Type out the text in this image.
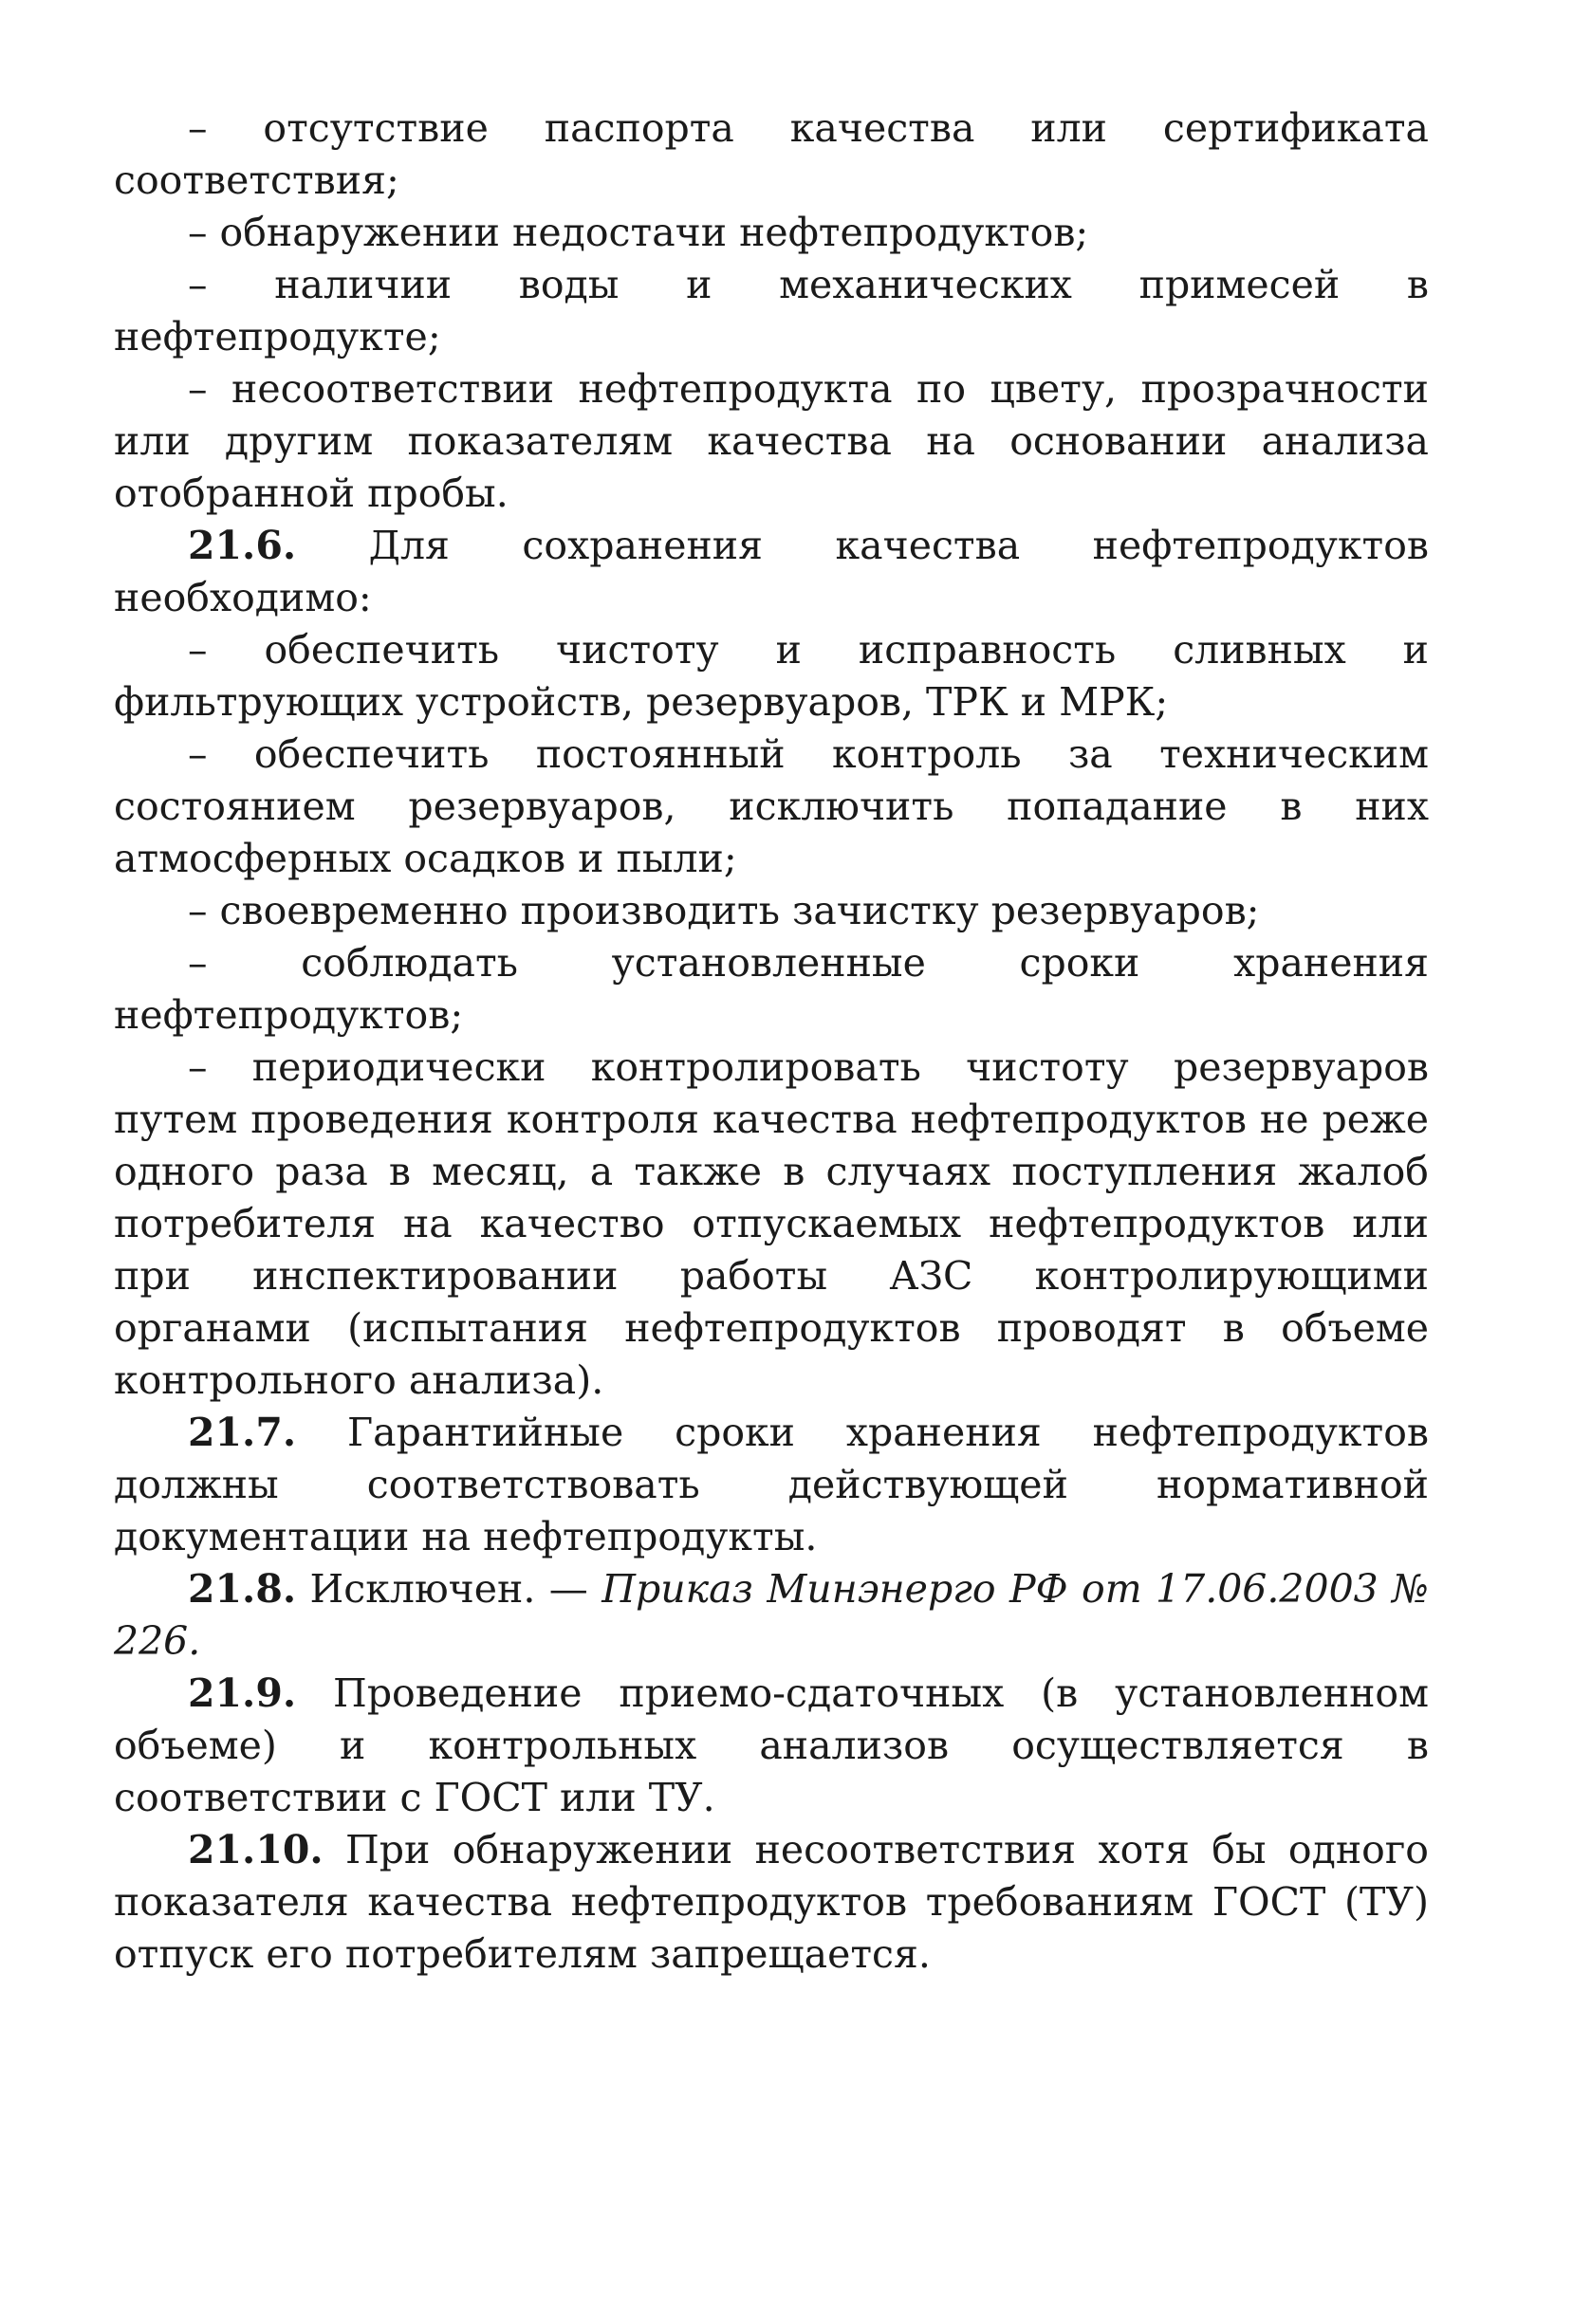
– отсутствие паспорта качества или сертификата соответствия;

– обнаружении недостачи нефтепродуктов;

– наличии воды и механических примесей в нефтепродукте;

– несоответствии нефтепродукта по цвету, прозрачности или другим показателям качества на основании анализа отобранной пробы.

21.6. Для сохранения качества нефтепродуктов необходимо:

– обеспечить чистоту и исправность сливных и фильтрующих устройств, резервуаров, ТРК и МРК;

– обеспечить постоянный контроль за техническим состоянием резервуаров, исключить попадание в них атмосферных осадков и пыли;

– своевременно производить зачистку резервуаров;

– соблюдать установленные сроки хранения нефтепродуктов;

– периодически контролировать чистоту резервуаров путем проведения контроля качества нефтепродуктов не реже одного раза в месяц, а также в случаях поступления жалоб потребителя на качество отпускаемых нефтепродуктов или при инспектировании работы АЗС контролирующими органами (испытания нефтепродуктов проводят в объеме контрольного анализа).

21.7. Гарантийные сроки хранения нефтепродуктов должны соответствовать действующей нормативной документации на нефтепродукты.

21.8. Исключен. — Приказ Минэнерго РФ от 17.06.2003 № 226.

21.9. Проведение приемо-сдаточных (в установленном объеме) и контрольных анализов осуществляется в соответствии с ГОСТ или ТУ.

21.10. При обнаружении несоответствия хотя бы одного показателя качества нефтепродуктов требованиям ГОСТ (ТУ) отпуск его потребителям запрещается.
